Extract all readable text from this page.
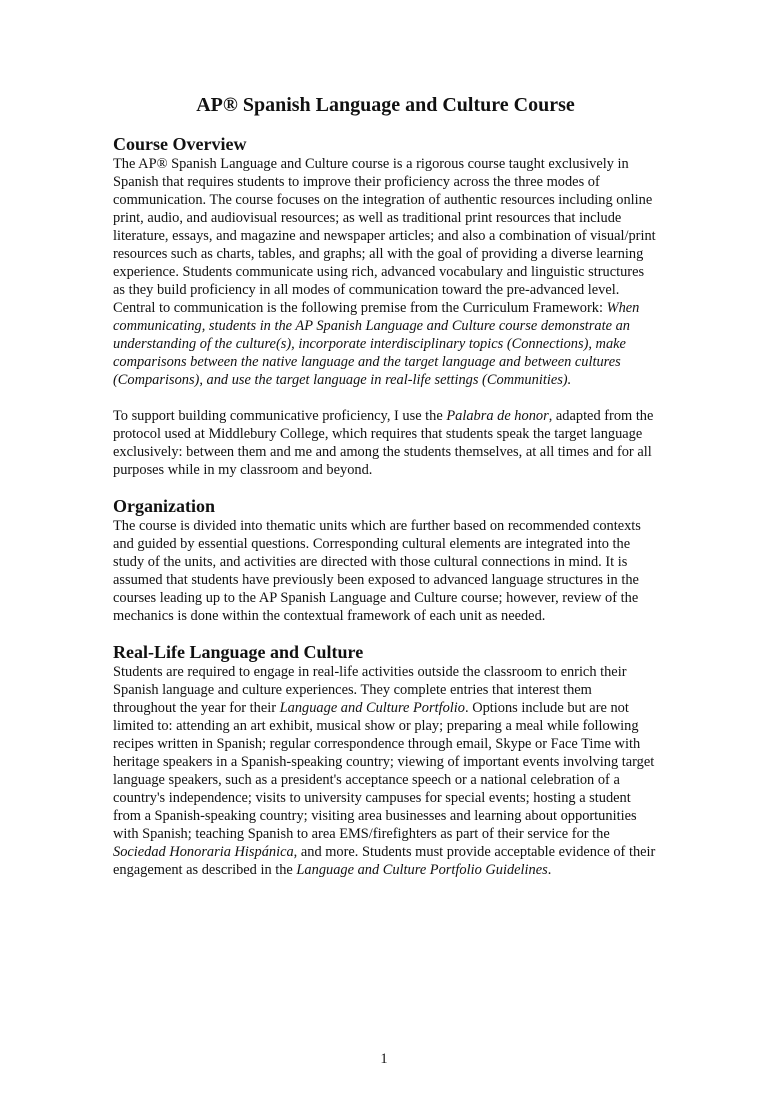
AP® Spanish Language and Culture Course
Course Overview

The AP® Spanish Language and Culture course is a rigorous course taught exclusively in Spanish that requires students to improve their proficiency across the three modes of communication. The course focuses on the integration of authentic resources including online print, audio, and audiovisual resources; as well as traditional print resources that include literature, essays, and magazine and newspaper articles; and also a combination of visual/print resources such as charts, tables, and graphs; all with the goal of providing a diverse learning experience. Students communicate using rich, advanced vocabulary and linguistic structures as they build proficiency in all modes of communication toward the pre-advanced level. Central to communication is the following premise from the Curriculum Framework: When communicating, students in the AP Spanish Language and Culture course demonstrate an understanding of the culture(s), incorporate interdisciplinary topics (Connections), make comparisons between the native language and the target language and between cultures (Comparisons), and use the target language in real-life settings (Communities).

To support building communicative proficiency, I use the Palabra de honor, adapted from the protocol used at Middlebury College, which requires that students speak the target language exclusively: between them and me and among the students themselves, at all times and for all purposes while in my classroom and beyond.

Organization

The course is divided into thematic units which are further based on recommended contexts and guided by essential questions. Corresponding cultural elements are integrated into the study of the units, and activities are directed with those cultural connections in mind. It is assumed that students have previously been exposed to advanced language structures in the courses leading up to the AP Spanish Language and Culture course; however, review of the mechanics is done within the contextual framework of each unit as needed.

Real-Life Language and Culture

Students are required to engage in real-life activities outside the classroom to enrich their Spanish language and culture experiences. They complete entries that interest them throughout the year for their Language and Culture Portfolio. Options include but are not limited to: attending an art exhibit, musical show or play; preparing a meal while following recipes written in Spanish; regular correspondence through email, Skype or Face Time with heritage speakers in a Spanish-speaking country; viewing of important events involving target language speakers, such as a president's acceptance speech or a national celebration of a country's independence; visits to university campuses for special events; hosting a student from a Spanish-speaking country; visiting area businesses and learning about opportunities with Spanish; teaching Spanish to area EMS/firefighters as part of their service for the Sociedad Honoraria Hispánica, and more. Students must provide acceptable evidence of their engagement as described in the Language and Culture Portfolio Guidelines.

1
